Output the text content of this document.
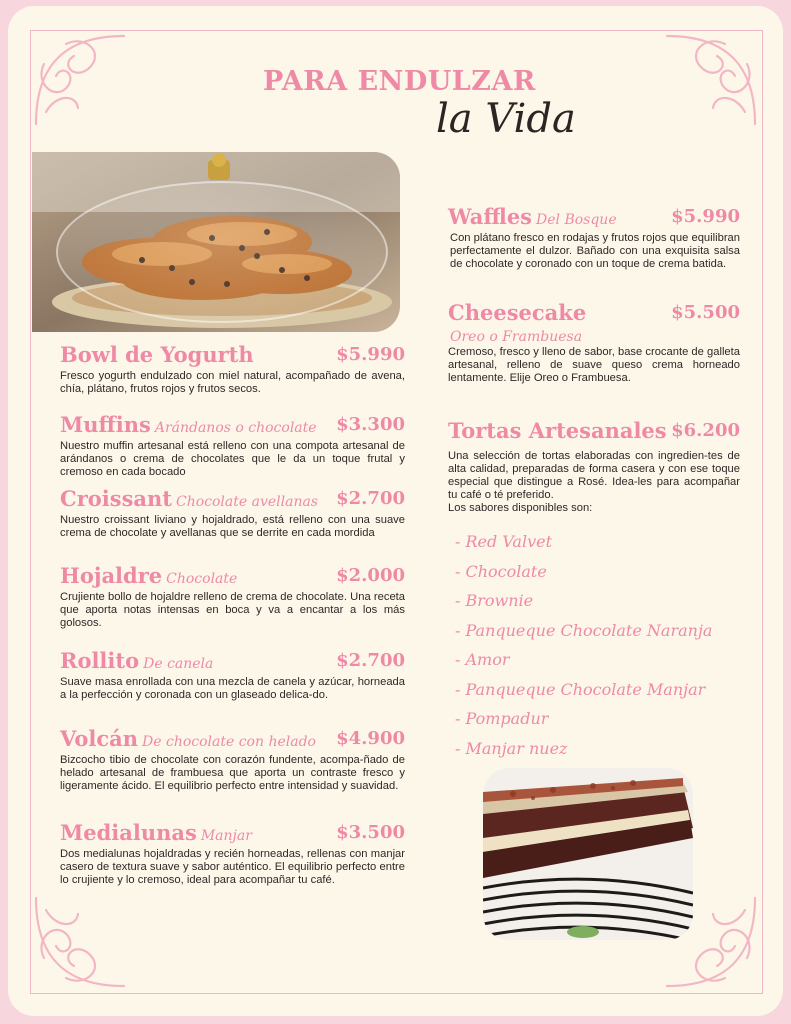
PARA ENDULZAR
la Vida
Bowl de Yogurth	$5.990

Fresco yogurth endulzado con miel natural, acompañado de avena, chía, plátano, frutos rojos y frutos secos.

Muffins Arándanos o chocolate $3.300

Nuestro muffin artesanal está relleno con una compota artesanal de arándanos o crema de chocolates que le da un toque frutal y cremoso en cada bocado

Croissant Chocolate avellanas $2.700

Nuestro croissant liviano y hojaldrado, está relleno con una suave crema de chocolate y avellanas que se derrite en cada mordida

Hojaldre Chocolate	$2.000

Crujiente bollo de hojaldre relleno de crema de chocolate. Una receta que aporta notas intensas en boca y va a encantar a los más golosos.

Rollito De canela	$2.700

Suave masa enrollada con una mezcla de canela y azúcar, horneada a la perfección y coronada con un glaseado delica-do.

Volcán De chocolate con helado $4.900

Bizcocho tibio de chocolate con corazón fundente, acompa-ñado de helado artesanal de frambuesa que aporta un contraste fresco y ligeramente ácido. El equilibrio perfecto entre intensidad y suavidad.

Medialunas Manjar	$3.500

Dos medialunas hojaldradas y recién horneadas, rellenas con manjar casero de textura suave y sabor auténtico. El equilibrio perfecto entre lo crujiente y lo cremoso, ideal para acompañar tu café.

Waffles Del Bosque	$5.990

Con plátano fresco en rodajas y frutos rojos que equilibran perfectamente el dulzor. Bañado con una exquisita salsa de chocolate y coronado con un toque de crema batida.

Cheesecake	$5.500
Oreo o Frambuesa

Cremoso, fresco y lleno de sabor, base crocante de galleta artesanal, relleno de suave queso crema horneado lentamente. Elije Oreo o Frambuesa.

Tortas Artesanales $6.200

Una selección de tortas elaboradas con ingredien-tes de alta calidad, preparadas de forma casera y con ese toque especial que distingue a Rosé. Idea-les para acompañar tu café o té preferido.

Los sabores disponibles son:

- Red Valvet
- Chocolate
- Brownie
- Panqueque Chocolate Naranja
- Amor
- Panqueque Chocolate Manjar
- Pompadur
- Manjar nuez
